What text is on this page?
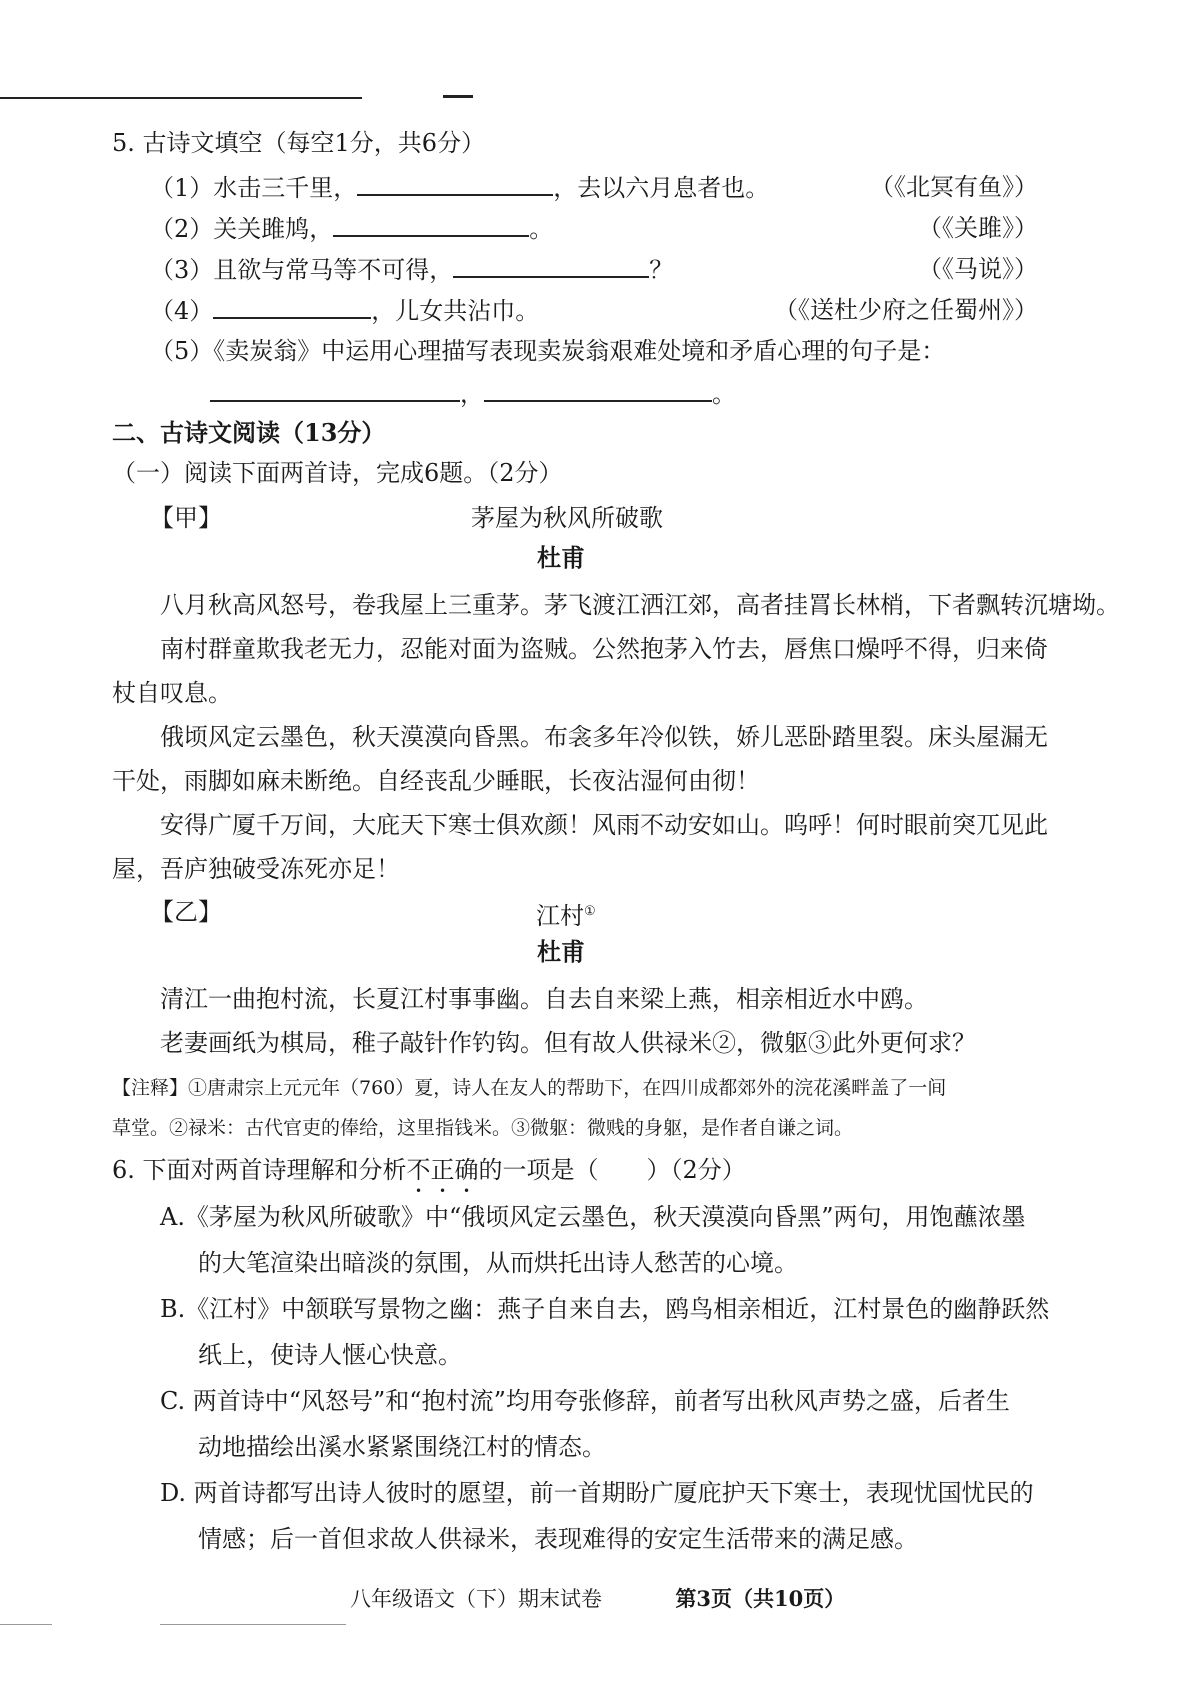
5. 古诗文填空（每空1分，共6分）
（1）水击三千里，	，去以六月息者也。	（《北冥有鱼》）
（2）关关雎鸠，	。	（《关雎》）
（3）且欲与常马等不可得，	？	（《马说》）
（4）	，儿女共沾巾。	（《送杜少府之任蜀州》）
（5）《卖炭翁》中运用心理描写表现卖炭翁艰难处境和矛盾心理的句子是：
，	。
二、古诗文阅读（13分）
（一）阅读下面两首诗，完成6题。（2分）
【甲】	茅屋为秋风所破歌
杜甫
八月秋高风怒号，卷我屋上三重茅。茅飞渡江洒江郊，高者挂罥长林梢，下者飘转沉塘坳。
南村群童欺我老无力，忍能对面为盗贼。公然抱茅入竹去，唇焦口燥呼不得，归来倚
杖自叹息。
俄顷风定云墨色，秋天漠漠向昏黑。布衾多年冷似铁，娇儿恶卧踏里裂。床头屋漏无
干处，雨脚如麻未断绝。自经丧乱少睡眠，长夜沾湿何由彻！
安得广厦千万间，大庇天下寒士俱欢颜！风雨不动安如山。呜呼！何时眼前突兀见此
屋，吾庐独破受冻死亦足！
【乙】	江村①
杜甫
清江一曲抱村流，长夏江村事事幽。自去自来梁上燕，相亲相近水中鸥。
老妻画纸为棋局，稚子敲针作钓钩。但有故人供禄米②，微躯③此外更何求？
【注释】①唐肃宗上元元年（760）夏，诗人在友人的帮助下，在四川成都郊外的浣花溪畔盖了一间
草堂。②禄米：古代官吏的俸给，这里指钱米。③微躯：微贱的身躯，是作者自谦之词。
6. 下面对两首诗理解和分析不正确的一项是（　　）（2分）
A.《茅屋为秋风所破歌》中“俄顷风定云墨色，秋天漠漠向昏黑”两句，用饱蘸浓墨
的大笔渲染出暗淡的氛围，从而烘托出诗人愁苦的心境。
B.《江村》中颔联写景物之幽：燕子自来自去，鸥鸟相亲相近，江村景色的幽静跃然
纸上，使诗人惬心快意。
C. 两首诗中“风怒号”和“抱村流”均用夸张修辞，前者写出秋风声势之盛，后者生
动地描绘出溪水紧紧围绕江村的情态。
D. 两首诗都写出诗人彼时的愿望，前一首期盼广厦庇护天下寒士，表现忧国忧民的
情感；后一首但求故人供禄米，表现难得的安定生活带来的满足感。
八年级语文（下）期末试卷	第3页（共10页）
